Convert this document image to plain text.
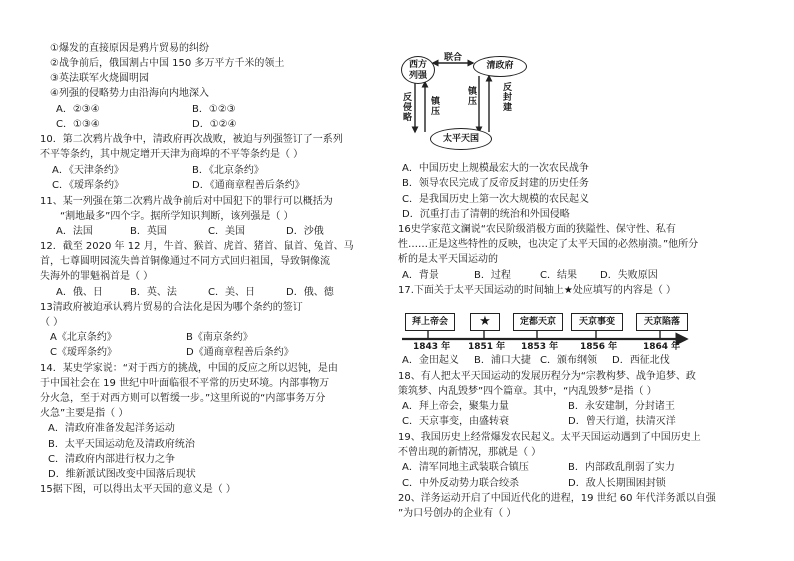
①爆发的直接原因是鸦片贸易的纠纷
②战争前后，俄国割占中国 150 多万平方千米的领土
③英法联军火烧圆明园
④列强的侵略势力由沿海向内地深入
A．②③④	B．①②③
C．①③④	D．①②④
10．第二次鸦片战争中，清政府再次战败，被迫与列强签订了一系列
不平等条约，其中规定增开天津为商埠的不平等条约是（ ）
A．《天津条约》	B．《北京条约》
C．《瑷珲条约》	D．《通商章程善后条约》
11、某一列强在第二次鸦片战争前后对中国犯下的罪行可以概括为
“割地最多”四个字。据所学知识判断，该列强是（ ）
A．法国	B．英国	C．美国	D．沙俄
12．截至 2020 年 12 月，牛首、猴首、虎首、猪首、鼠首、兔首、马
首，七尊圆明园流失兽首铜像通过不同方式回归祖国，导致铜像流
失海外的罪魁祸首是（ ）
A．俄、日	B．英、法	C．美、日	D．俄、德
13清政府被迫承认鸦片贸易的合法化是因为哪个条约的签订
（ ）
A《北京条约》	B《南京条约》
C《瑷珲条约》	D《通商章程善后条约》
14．某史学家说：“对于西方的挑战，中国的反应之所以迟钝，是由
于中国社会在 19 世纪中叶面临很不平常的历史环境。内部事物万
分火急，至于对西方则可以暂缓一步。”这里所说的“内部事务万分
火急”主要是指（ ）
A．清政府准备发起洋务运动
B．太平天国运动危及清政府统治
C．清政府内部进行权力之争
D．维新派试图改变中国落后现状
15据下图，可以得出太平天国的意义是（ ）
西方列强
清政府
太平天国
联合
反侵略 镇压	镇压	反封建
A．中国历史上规模最宏大的一次农民战争
B．领导农民完成了反帝反封建的历史任务
C．是我国历史上第一次大规模的农民起义
D．沉重打击了清朝的统治和外国侵略
16史学家范文澜说“农民阶级消极方面的狭隘性、保守性、私有
性……正是这些特性的反映，也决定了太平天国的必然崩溃。”他所分
析的是太平天国运动的
A．背景	B．过程	C．结果 D．失败原因
17.下面关于太平天国运动的时间轴上★处应填写的内容是（ ）
拜上帝会	★	定都天京	天京事变	天京陷落
1843 年 1851 年 1853 年 1856 年	1864 年
A．金田起义 B．浦口大捷 C．颁布纲领 D．西征北伐
18、有人把太平天国运动的发展历程分为“宗教构梦、战争追梦、政
策筑梦、内乱毁梦”四个篇章。其中，“内乱毁梦”是指（ ）
A．拜上帝会，聚集力量	B．永安建制，分封诸王
C．天京事变，由盛转衰	D．曾天行道，扶清灭洋
19、我国历史上经常爆发农民起义。太平天国运动遇到了中国历史上
不曾出现的新情况，那就是（ ）
A．清军同地主武装联合镇压	B．内部政乱削弱了实力
C．中外反动势力联合绞杀	D．敌人长期围困封锁
20、洋务运动开启了中国近代化的进程，19 世纪 60 年代洋务派以自强
”为口号创办的企业有（ ）
